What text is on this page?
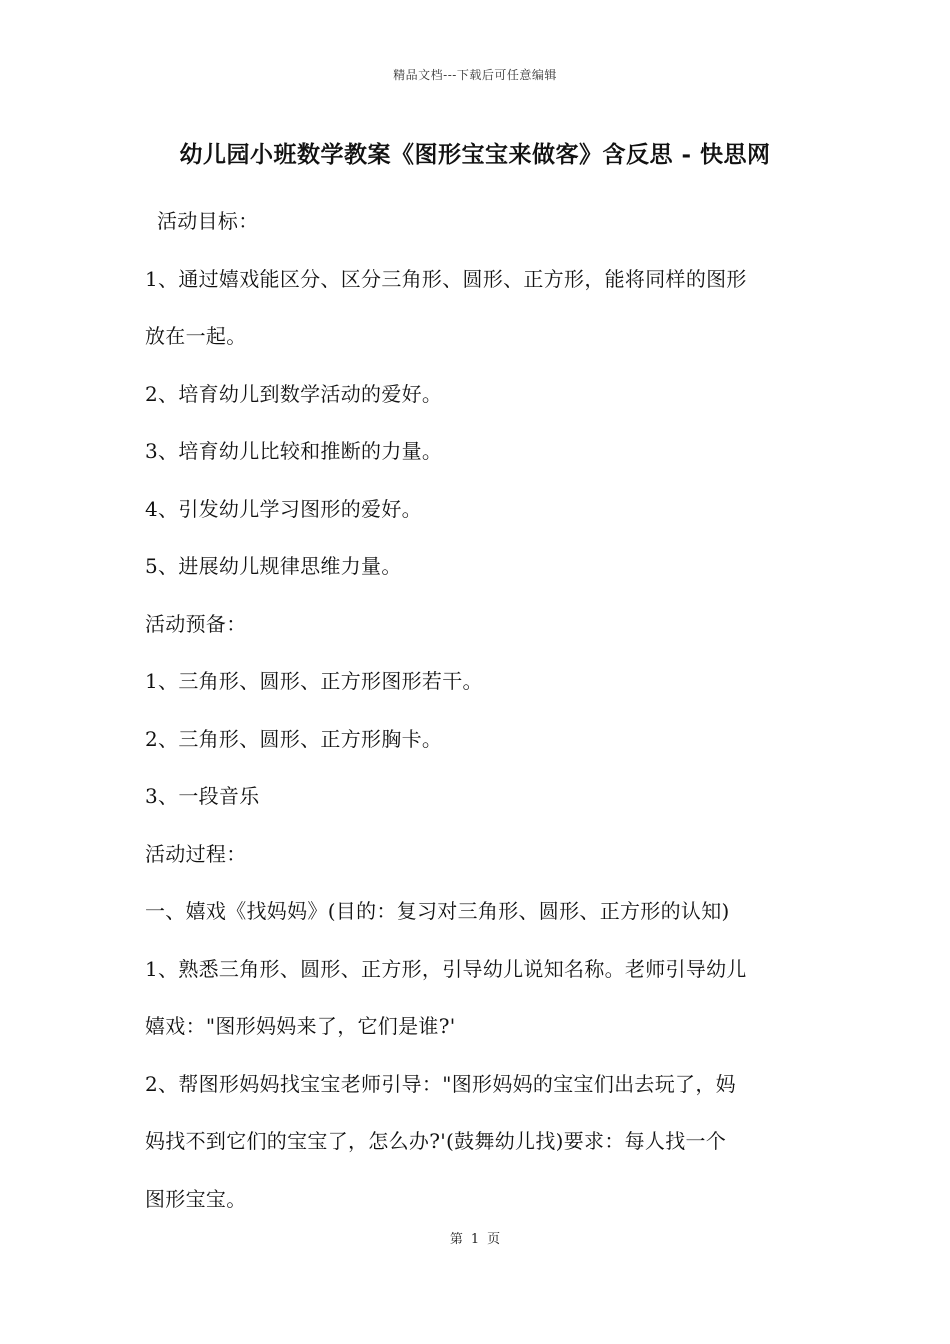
精品文档---下载后可任意编辑
幼儿园小班数学教案《图形宝宝来做客》含反思 - 快思网
活动目标：
1、通过嬉戏能区分、区分三角形、圆形、正方形，能将同样的图形
放在一起。
2、培育幼儿到数学活动的爱好。
3、培育幼儿比较和推断的力量。
4、引发幼儿学习图形的爱好。
5、进展幼儿规律思维力量。
活动预备：
1、三角形、圆形、正方形图形若干。
2、三角形、圆形、正方形胸卡。
3、一段音乐
活动过程：
一、嬉戏《找妈妈》(目的：复习对三角形、圆形、正方形的认知)
1、熟悉三角形、圆形、正方形，引导幼儿说知名称。老师引导幼儿
嬉戏："图形妈妈来了，它们是谁?'
2、帮图形妈妈找宝宝老师引导："图形妈妈的宝宝们出去玩了，妈
妈找不到它们的宝宝了，怎么办?'(鼓舞幼儿找)要求：每人找一个
图形宝宝。
第 1 页
